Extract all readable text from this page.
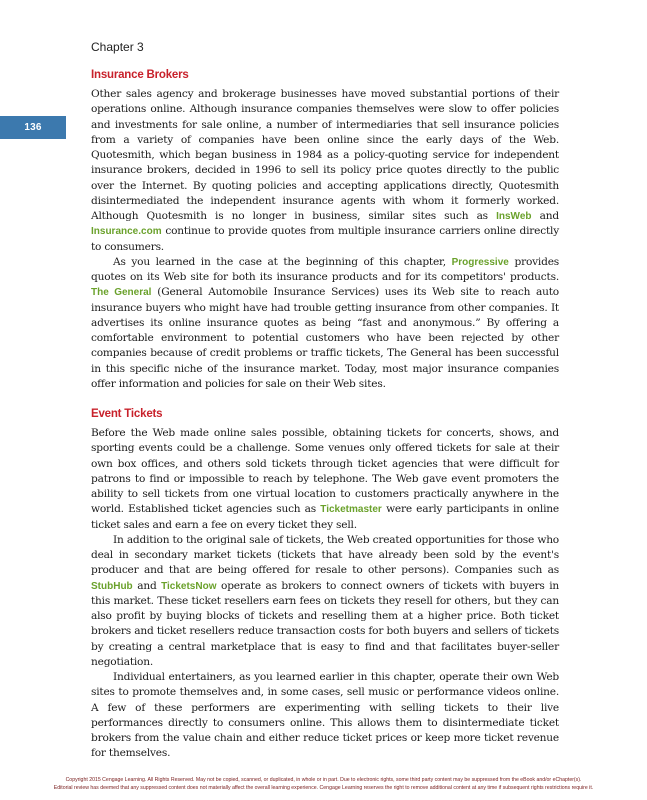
Chapter 3
136
Insurance Brokers

Other sales agency and brokerage businesses have moved substantial portions of their operations online. Although insurance companies themselves were slow to offer policies and investments for sale online, a number of intermediaries that sell insurance policies from a variety of companies have been online since the early days of the Web. Quotesmith, which began business in 1984 as a policy-quoting service for independent insurance brokers, decided in 1996 to sell its policy price quotes directly to the public over the Internet. By quoting policies and accepting applications directly, Quotesmith disintermediated the independent insurance agents with whom it formerly worked. Although Quotesmith is no longer in business, similar sites such as InsWeb and Insurance.com continue to provide quotes from multiple insurance carriers online directly to consumers.

As you learned in the case at the beginning of this chapter, Progressive provides quotes on its Web site for both its insurance products and for its competitors' products. The General (General Automobile Insurance Services) uses its Web site to reach auto insurance buyers who might have had trouble getting insurance from other companies. It advertises its online insurance quotes as being “fast and anonymous.” By offering a comfortable environment to potential customers who have been rejected by other companies because of credit problems or traffic tickets, The General has been successful in this specific niche of the insurance market. Today, most major insurance companies offer information and policies for sale on their Web sites.

Event Tickets

Before the Web made online sales possible, obtaining tickets for concerts, shows, and sporting events could be a challenge. Some venues only offered tickets for sale at their own box offices, and others sold tickets through ticket agencies that were difficult for patrons to find or impossible to reach by telephone. The Web gave event promoters the ability to sell tickets from one virtual location to customers practically anywhere in the world. Established ticket agencies such as Ticketmaster were early participants in online ticket sales and earn a fee on every ticket they sell.

In addition to the original sale of tickets, the Web created opportunities for those who deal in secondary market tickets (tickets that have already been sold by the event's producer and that are being offered for resale to other persons). Companies such as StubHub and TicketsNow operate as brokers to connect owners of tickets with buyers in this market. These ticket resellers earn fees on tickets they resell for others, but they can also profit by buying blocks of tickets and reselling them at a higher price. Both ticket brokers and ticket resellers reduce transaction costs for both buyers and sellers of tickets by creating a central marketplace that is easy to find and that facilitates buyer-seller negotiation.

Individual entertainers, as you learned earlier in this chapter, operate their own Web sites to promote themselves and, in some cases, sell music or performance videos online. A few of these performers are experimenting with selling tickets to their live performances directly to consumers online. This allows them to disintermediate ticket brokers from the value chain and either reduce ticket prices or keep more ticket revenue for themselves.

Copyright 2015 Cengage Learning. All Rights Reserved. May not be copied, scanned, or duplicated, in whole or in part. Due to electronic rights, some third party content may be suppressed from the eBook and/or eChapter(s).
Editorial review has deemed that any suppressed content does not materially affect the overall learning experience. Cengage Learning reserves the right to remove additional content at any time if subsequent rights restrictions require it.
